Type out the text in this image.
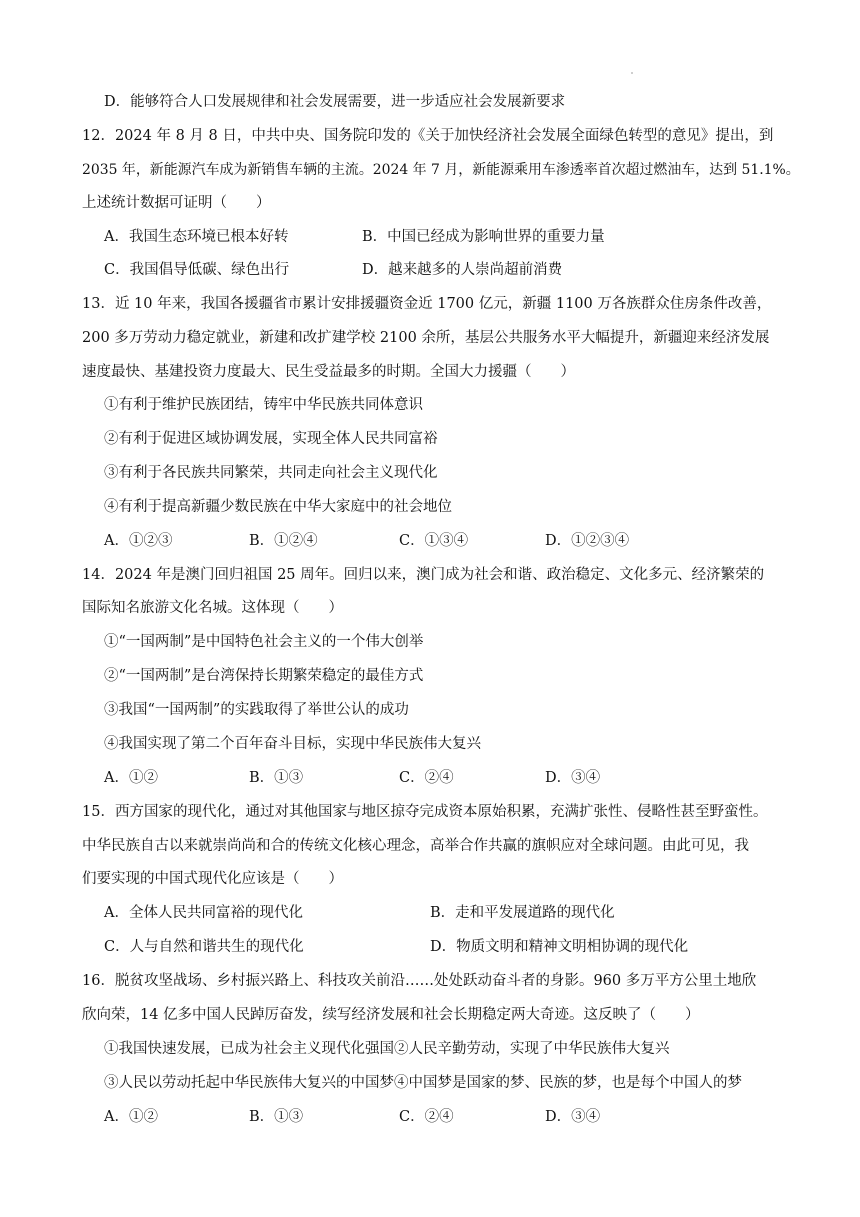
D．能够符合人口发展规律和社会发展需要，进一步适应社会发展新要求
12．2024 年 8 月 8 日，中共中央、国务院印发的《关于加快经济社会发展全面绿色转型的意见》提出，到
2035 年，新能源汽车成为新销售车辆的主流。2024 年 7 月，新能源乘用车渗透率首次超过燃油车，达到 51.1%。
上述统计数据可证明（　　）
A．我国生态环境已根本好转	B．中国已经成为影响世界的重要力量
C．我国倡导低碳、绿色出行	D．越来越多的人崇尚超前消费
13．近 10 年来，我国各援疆省市累计安排援疆资金近 1700 亿元，新疆 1100 万各族群众住房条件改善，
200 多万劳动力稳定就业，新建和改扩建学校 2100 余所，基层公共服务水平大幅提升，新疆迎来经济发展
速度最快、基建投资力度最大、民生受益最多的时期。全国大力援疆（　　）
①有利于维护民族团结，铸牢中华民族共同体意识
②有利于促进区域协调发展，实现全体人民共同富裕
③有利于各民族共同繁荣，共同走向社会主义现代化
④有利于提高新疆少数民族在中华大家庭中的社会地位
A．①②③	B．①②④	C．①③④	D．①②③④
14．2024 年是澳门回归祖国 25 周年。回归以来，澳门成为社会和谐、政治稳定、文化多元、经济繁荣的
国际知名旅游文化名城。这体现（　　）
①“一国两制”是中国特色社会主义的一个伟大创举
②“一国两制”是台湾保持长期繁荣稳定的最佳方式
③我国“一国两制”的实践取得了举世公认的成功
④我国实现了第二个百年奋斗目标，实现中华民族伟大复兴
A．①②	B．①③	C．②④	D．③④
15．西方国家的现代化，通过对其他国家与地区掠夺完成资本原始积累，充满扩张性、侵略性甚至野蛮性。
中华民族自古以来就崇尚尚和合的传统文化核心理念，高举合作共赢的旗帜应对全球问题。由此可见，我
们要实现的中国式现代化应该是（　　）
A．全体人民共同富裕的现代化	B．走和平发展道路的现代化
C．人与自然和谐共生的现代化	D．物质文明和精神文明相协调的现代化
16．脱贫攻坚战场、乡村振兴路上、科技攻关前沿……处处跃动奋斗者的身影。960 多万平方公里土地欣
欣向荣，14 亿多中国人民踔厉奋发，续写经济发展和社会长期稳定两大奇迹。这反映了（　　）
①我国快速发展，已成为社会主义现代化强国②人民辛勤劳动，实现了中华民族伟大复兴
③人民以劳动托起中华民族伟大复兴的中国梦④中国梦是国家的梦、民族的梦，也是每个中国人的梦
A．①②	B．①③	C．②④	D．③④
